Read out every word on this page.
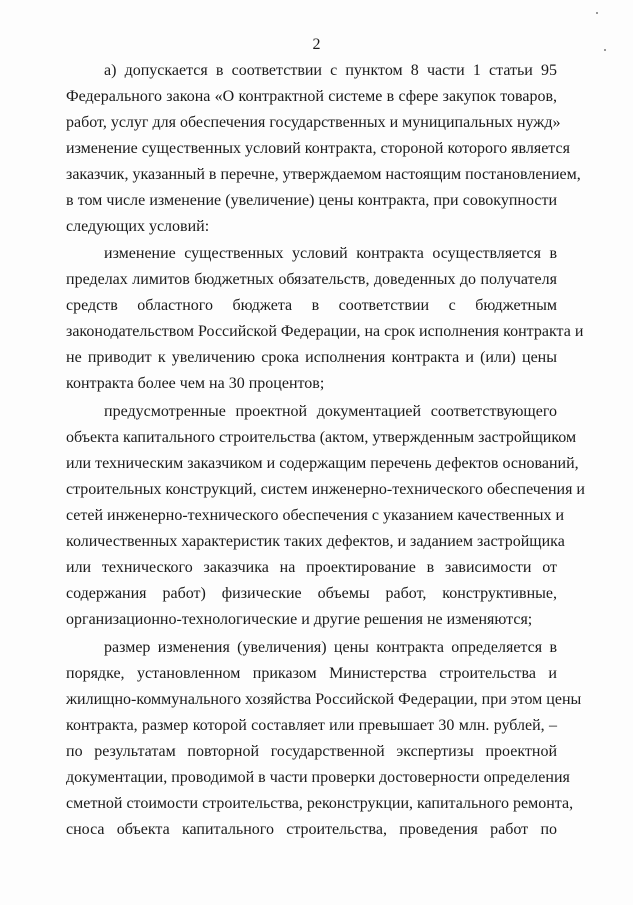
2
а) допускается в соответствии с пунктом 8 части 1 статьи 95
Федерального закона «О контрактной системе в сфере закупок товаров,
работ, услуг для обеспечения государственных и муниципальных нужд»
изменение существенных условий контракта, стороной которого является
заказчик, указанный в перечне, утверждаемом настоящим постановлением,
в том числе изменение (увеличение) цены контракта, при совокупности
следующих условий:
изменение существенных условий контракта осуществляется в
пределах лимитов бюджетных обязательств, доведенных до получателя
средств областного бюджета в соответствии с бюджетным
законодательством Российской Федерации, на срок исполнения контракта и
не приводит к увеличению срока исполнения контракта и (или) цены
контракта более чем на 30 процентов;
предусмотренные проектной документацией соответствующего
объекта капитального строительства (актом, утвержденным застройщиком
или техническим заказчиком и содержащим перечень дефектов оснований,
строительных конструкций, систем инженерно-технического обеспечения и
сетей инженерно-технического обеспечения с указанием качественных и
количественных характеристик таких дефектов, и заданием застройщика
или технического заказчика на проектирование в зависимости от
содержания работ) физические объемы работ, конструктивные,
организационно-технологические и другие решения не изменяются;
размер изменения (увеличения) цены контракта определяется в
порядке, установленном приказом Министерства строительства и
жилищно-коммунального хозяйства Российской Федерации, при этом цены
контракта, размер которой составляет или превышает 30 млн. рублей, –
по результатам повторной государственной экспертизы проектной
документации, проводимой в части проверки достоверности определения
сметной стоимости строительства, реконструкции, капитального ремонта,
сноса объекта капитального строительства, проведения работ по
